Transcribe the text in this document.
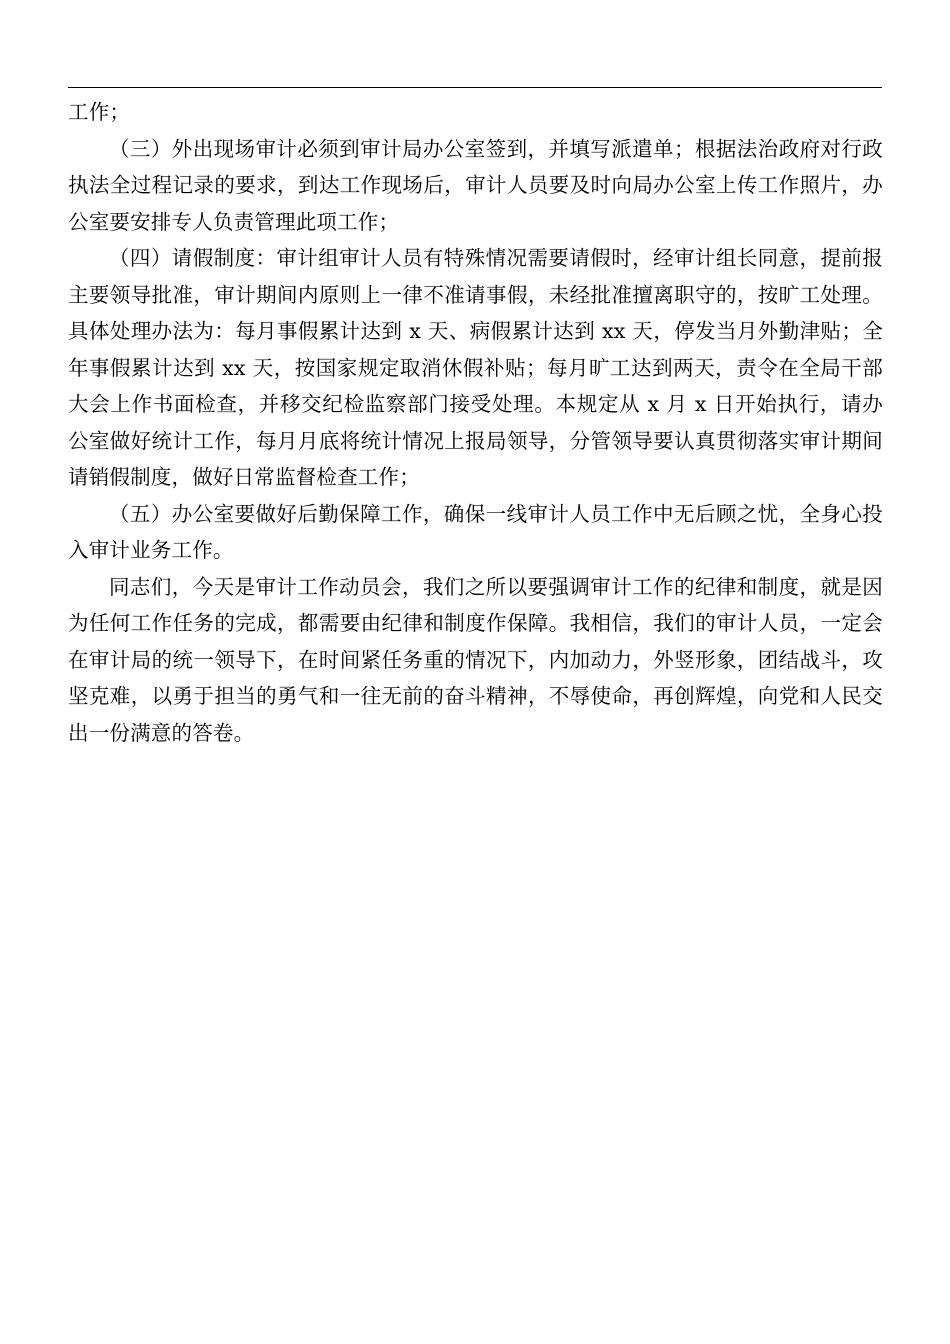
工作；

（三）外出现场审计必须到审计局办公室签到，并填写派遣单；根据法治政府对行政执法全过程记录的要求，到达工作现场后，审计人员要及时向局办公室上传工作照片，办公室要安排专人负责管理此项工作；

（四）请假制度：审计组审计人员有特殊情况需要请假时，经审计组长同意，提前报主要领导批准，审计期间内原则上一律不准请事假，未经批准擅离职守的，按旷工处理。具体处理办法为：每月事假累计达到 x 天、病假累计达到 xx 天，停发当月外勤津贴；全年事假累计达到 xx 天，按国家规定取消休假补贴；每月旷工达到两天，责令在全局干部大会上作书面检查，并移交纪检监察部门接受处理。本规定从 x 月 x 日开始执行，请办公室做好统计工作，每月月底将统计情况上报局领导，分管领导要认真贯彻落实审计期间请销假制度，做好日常监督检查工作；

（五）办公室要做好后勤保障工作，确保一线审计人员工作中无后顾之忧，全身心投入审计业务工作。

同志们，今天是审计工作动员会，我们之所以要强调审计工作的纪律和制度，就是因为任何工作任务的完成，都需要由纪律和制度作保障。我相信，我们的审计人员，一定会在审计局的统一领导下，在时间紧任务重的情况下，内加动力，外竖形象，团结战斗，攻坚克难，以勇于担当的勇气和一往无前的奋斗精神，不辱使命，再创辉煌，向党和人民交出一份满意的答卷。
